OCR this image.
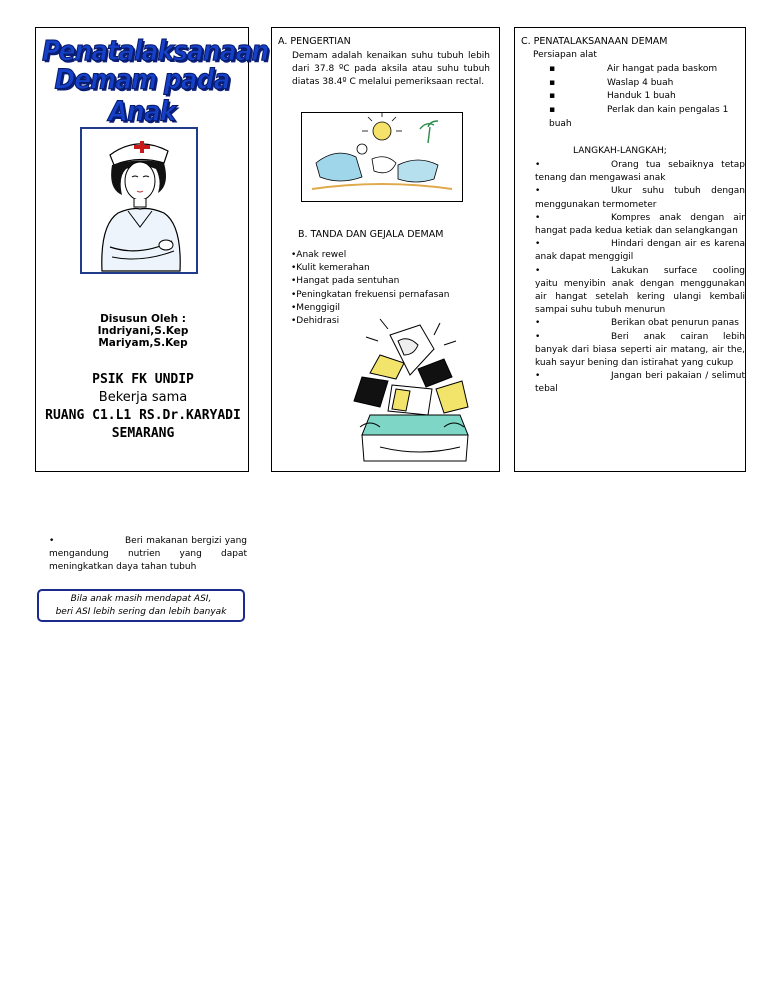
Penatalaksanaan
Demam pada Anak
Disusun Oleh :
Indriyani,S.Kep
Mariyam,S.Kep
PSIK FK UNDIP
Bekerja sama
RUANG C1.L1 RS.Dr.KARYADI
SEMARANG
A. PENGERTIAN
Demam adalah kenaikan suhu tubuh lebih dari 37.8 ºC pada aksila atau suhu tubuh diatas 38.4º C melalui pemeriksaan rectal.
B. TANDA DAN GEJALA DEMAM
•Anak rewel
•Kulit kemerahan
•Hangat pada sentuhan
•Peningkatan frekuensi pernafasan
•Menggigil
•Dehidrasi
C. PENATALAKSANAAN DEMAM
Persiapan alat
▪	Air hangat pada baskom
▪	Waslap 4 buah
▪	Handuk 1 buah
▪	Perlak dan kain pengalas 1
buah
LANGKAH-LANGKAH;
•	Orang tua sebaiknya tetap tenang dan mengawasi anak
•	Ukur suhu tubuh dengan menggunakan termometer
•	Kompres anak dengan air hangat pada kedua ketiak dan selangkangan
•	Hindari dengan air es karena anak dapat menggigil
•	Lakukan surface cooling yaitu menyibin anak dengan menggunakan air hangat setelah kering ulangi kembali sampai suhu tubuh menurun
•	Berikan obat penurun panas
•	Beri anak cairan lebih banyak dari biasa seperti air matang, air the, kuah sayur bening dan istirahat yang cukup
•	Jangan beri pakaian / selimut tebal
•	Beri makanan bergizi yang mengandung nutrien yang dapat meningkatkan daya tahan tubuh
Bila anak masih mendapat ASI,
beri ASI lebih sering dan lebih banyak
